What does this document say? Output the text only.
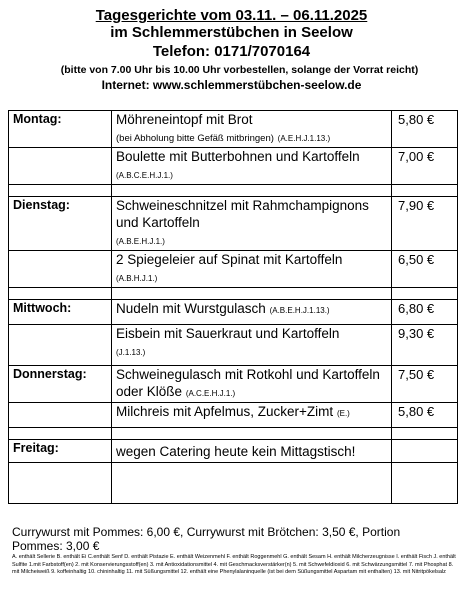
Tagesgerichte vom 03.11. – 06.11.2025
im Schlemmerstübchen in Seelow
Telefon: 0171/7070164
(bitte von 7.00 Uhr bis 10.00 Uhr vorbestellen, solange der Vorrat reicht)
Internet: www.schlemmerstübchen-seelow.de
Montag:	Möhreneintopf mit Brot
(bei Abholung bitte Gefäß mitbringen) (A.E.H.J.1.13.)	5,80 €
	Boulette mit Butterbohnen und Kartoffeln (A.B.C.E.H.J.1.)	7,00 €

Dienstag:	Schweineschnitzel mit Rahmchampignons und Kartoffeln
(A.B.E.H.J.1.)	7,90 €
	2 Spiegeleier auf Spinat mit Kartoffeln
(A.B.H.J.1.)	6,50 €

Mittwoch:	Nudeln mit Wurstgulasch (A.B.E.H.J.1.13.)	6,80 €
	Eisbein mit Sauerkraut und Kartoffeln
(J.1.13.)	9,30 €
Donnerstag:	Schweinegulasch mit Rotkohl und Kartoffeln oder Klöße (A.C.E.H.J.1.)	7,50 €
	Milchreis mit Apfelmus, Zucker+Zimt (E.)	5,80 €

Freitag:	wegen Catering heute kein Mittagstisch!	

Currywurst mit Pommes: 6,00 €, Currywurst mit Brötchen: 3,50 €, Portion Pommes: 3,00 €
A. enthält Sellerie B. enthält Ei C.enthält Senf D. enthält Pistazie E. enthält Weizenmehl F. enthält Roggenmehl G. enthält Sesam H. enthält Milcherzeugnisse I. enthält Fisch J. enthält Sulfite 1.mit Farbstoff(en) 2. mit Konservierungsstoff(en) 3. mit Antioxidationsmittel 4. mit Geschmacksverstärker(n) 5. mit Schwefeldioxid 6. mit Schwärzungsmittel 7. mit Phosphat 8. mit Milcheiweiß 9. koffeinhaltig 10. chininhaltig 11. mit Süßungsmittel 12. enthält eine Phenylalaninquelle (ist bei dem Süßungsmittel Aspartam mit enthalten) 13. mit Nitritpökelsalz
